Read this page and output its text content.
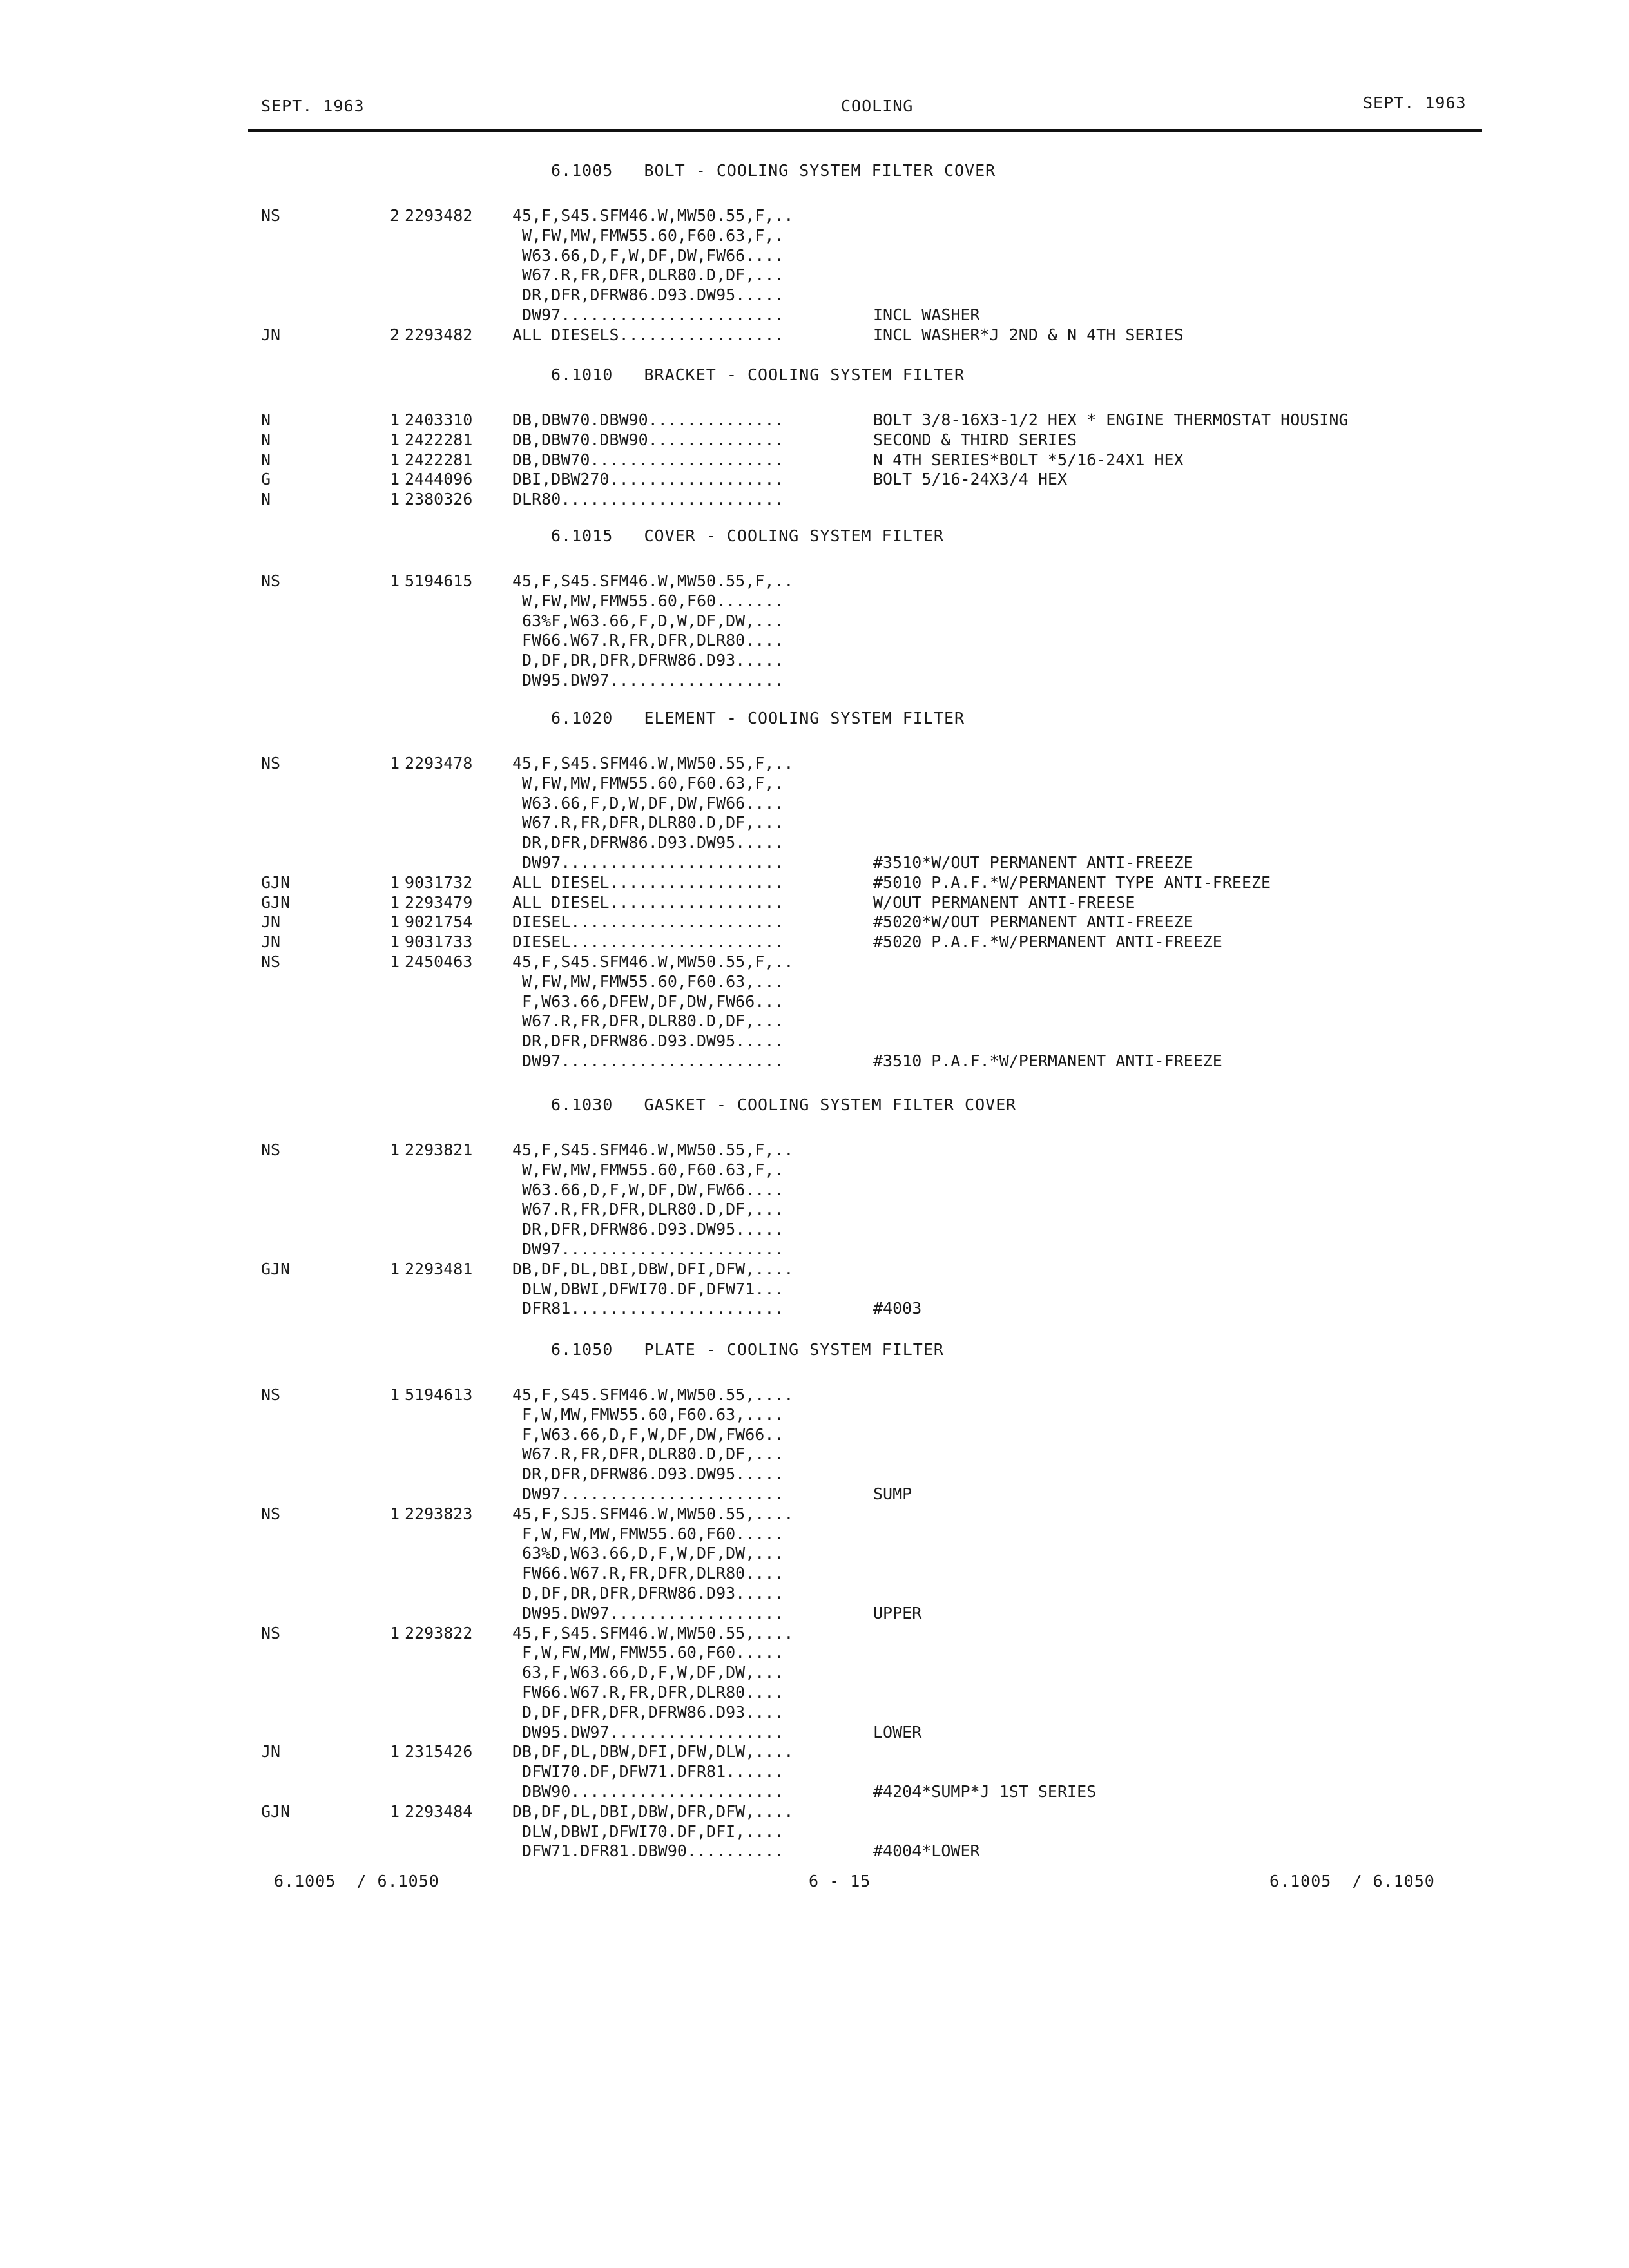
SEPT. 1963	COOLING	SEPT. 1963
6.1005   BOLT - COOLING SYSTEM FILTER COVER
NS	2 2293482 45,F,S45.SFM46.W,MW50.55,F,..
W,FW,MW,FMW55.60,F60.63,F,.
W63.66,D,F,W,DF,DW,FW66....
W67.R,FR,DFR,DLR80.D,DF,...
DR,DFR,DFRW86.D93.DW95.....
DW97.......................	INCL WASHER
JN	2 2293482 ALL DIESELS.................	INCL WASHER*J 2ND & N 4TH SERIES
6.1010   BRACKET - COOLING SYSTEM FILTER
N	1 2403310 DB,DBW70.DBW90..............	BOLT 3/8-16X3-1/2 HEX * ENGINE THERMOSTAT HOUSING
N	1 2422281 DB,DBW70.DBW90..............	SECOND & THIRD SERIES
N	1 2422281 DB,DBW70....................	N 4TH SERIES*BOLT *5/16-24X1 HEX
G	1 2444096 DBI,DBW270..................	BOLT 5/16-24X3/4 HEX
N	1 2380326 DLR80.......................
6.1015   COVER - COOLING SYSTEM FILTER
NS	1 5194615 45,F,S45.SFM46.W,MW50.55,F,..
W,FW,MW,FMW55.60,F60.......
63%F,W63.66,F,D,W,DF,DW,...
FW66.W67.R,FR,DFR,DLR80....
D,DF,DR,DFR,DFRW86.D93.....
DW95.DW97..................
6.1020   ELEMENT - COOLING SYSTEM FILTER
NS	1 2293478 45,F,S45.SFM46.W,MW50.55,F,..
W,FW,MW,FMW55.60,F60.63,F,.
W63.66,F,D,W,DF,DW,FW66....
W67.R,FR,DFR,DLR80.D,DF,...
DR,DFR,DFRW86.D93.DW95.....
DW97.......................	#3510*W/OUT PERMANENT ANTI-FREEZE
GJN	1 9031732 ALL DIESEL..................	#5010 P.A.F.*W/PERMANENT TYPE ANTI-FREEZE
GJN	1 2293479 ALL DIESEL..................	W/OUT PERMANENT ANTI-FREESE
JN	1 9021754 DIESEL......................	#5020*W/OUT PERMANENT ANTI-FREEZE
JN	1 9031733 DIESEL......................	#5020 P.A.F.*W/PERMANENT ANTI-FREEZE
NS	1 2450463 45,F,S45.SFM46.W,MW50.55,F,..
W,FW,MW,FMW55.60,F60.63,...
F,W63.66,DFEW,DF,DW,FW66...
W67.R,FR,DFR,DLR80.D,DF,...
DR,DFR,DFRW86.D93.DW95.....
DW97.......................	#3510 P.A.F.*W/PERMANENT ANTI-FREEZE
6.1030   GASKET - COOLING SYSTEM FILTER COVER
NS	1 2293821 45,F,S45.SFM46.W,MW50.55,F,..
W,FW,MW,FMW55.60,F60.63,F,.
W63.66,D,F,W,DF,DW,FW66....
W67.R,FR,DFR,DLR80.D,DF,...
DR,DFR,DFRW86.D93.DW95.....
DW97.......................
GJN	1 2293481 DB,DF,DL,DBI,DBW,DFI,DFW,....
DLW,DBWI,DFWI70.DF,DFW71...
DFR81......................	#4003
6.1050   PLATE - COOLING SYSTEM FILTER
NS	1 5194613 45,F,S45.SFM46.W,MW50.55,....
F,W,MW,FMW55.60,F60.63,....
F,W63.66,D,F,W,DF,DW,FW66..
W67.R,FR,DFR,DLR80.D,DF,...
DR,DFR,DFRW86.D93.DW95.....
DW97.......................	SUMP
NS	1 2293823 45,F,SJ5.SFM46.W,MW50.55,....
F,W,FW,MW,FMW55.60,F60.....
63%D,W63.66,D,F,W,DF,DW,...
FW66.W67.R,FR,DFR,DLR80....
D,DF,DR,DFR,DFRW86.D93.....
DW95.DW97..................	UPPER
NS	1 2293822 45,F,S45.SFM46.W,MW50.55,....
F,W,FW,MW,FMW55.60,F60.....
63,F,W63.66,D,F,W,DF,DW,...
FW66.W67.R,FR,DFR,DLR80....
D,DF,DFR,DFR,DFRW86.D93....
DW95.DW97..................	LOWER
JN	1 2315426 DB,DF,DL,DBW,DFI,DFW,DLW,....
DFWI70.DF,DFW71.DFR81......
DBW90......................	#4204*SUMP*J 1ST SERIES
GJN	1 2293484 DB,DF,DL,DBI,DBW,DFR,DFW,....
DLW,DBWI,DFWI70.DF,DFI,....
DFW71.DFR81.DBW90..........	#4004*LOWER
6.1005  / 6.1050	6 - 15	6.1005  / 6.1050
